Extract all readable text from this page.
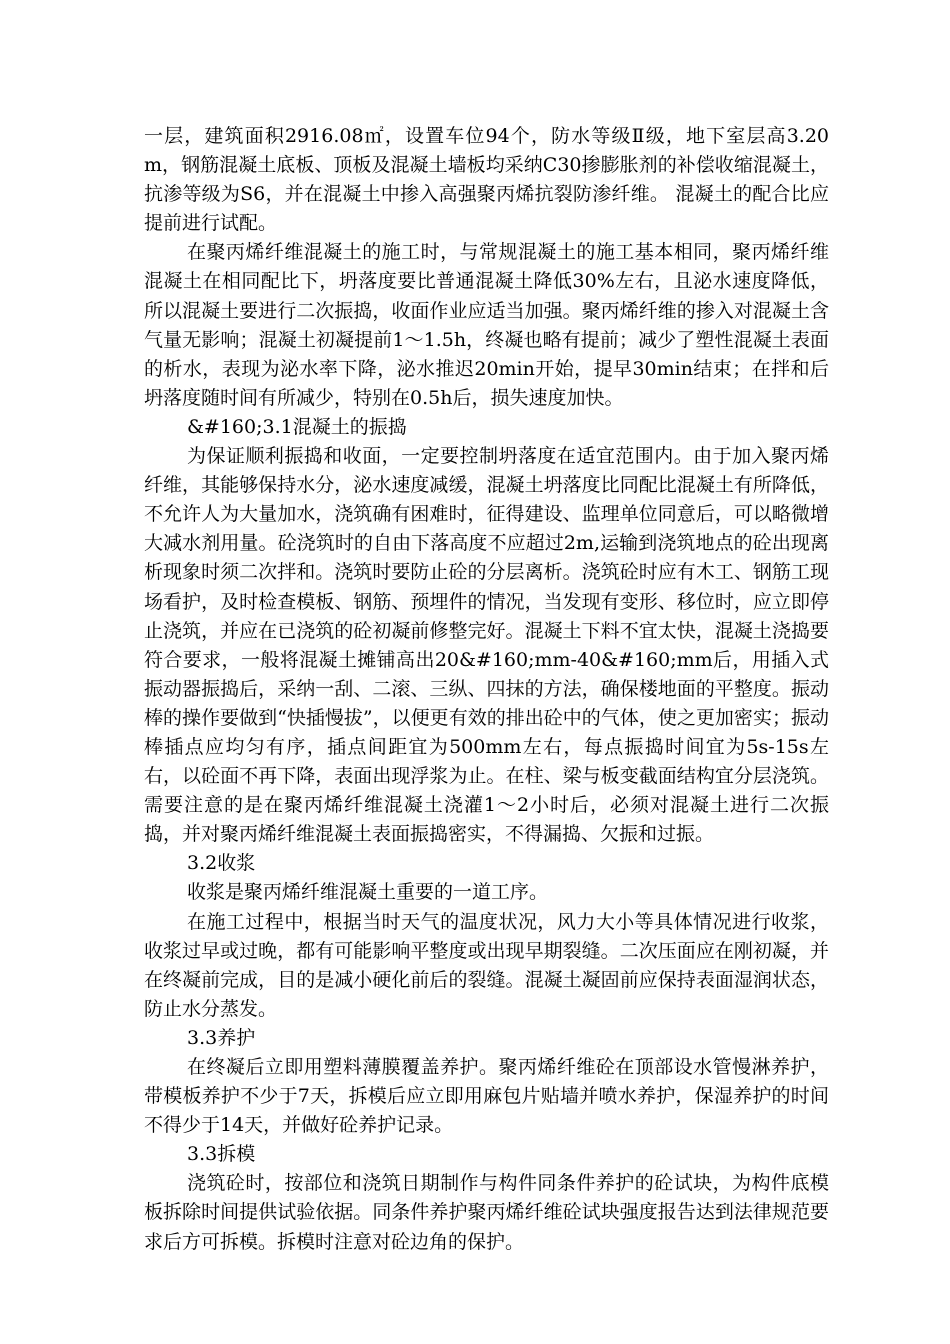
一层，建筑面积2916.08㎡，设置车位94个，防水等级Ⅱ级，地下室层高3.20m，钢筋混凝土底板、顶板及混凝土墙板均采纳C30掺膨胀剂的补偿收缩混凝土，抗渗等级为S6，并在混凝土中掺入高强聚丙烯抗裂防渗纤维。 混凝土的配合比应提前进行试配。

在聚丙烯纤维混凝土的施工时，与常规混凝土的施工基本相同，聚丙烯纤维混凝土在相同配比下，坍落度要比普通混凝土降低30%左右，且泌水速度降低，所以混凝土要进行二次振捣，收面作业应适当加强。聚丙烯纤维的掺入对混凝土含气量无影响；混凝土初凝提前1～1.5h，终凝也略有提前；减少了塑性混凝土表面的析水，表现为泌水率下降，泌水推迟20min开始，提早30min结束；在拌和后坍落度随时间有所减少，特别在0.5h后，损失速度加快。

&#160;3.1混凝土的振捣

为保证顺利振捣和收面，一定要控制坍落度在适宜范围内。由于加入聚丙烯纤维，其能够保持水分，泌水速度减缓，混凝土坍落度比同配比混凝土有所降低，不允许人为大量加水，浇筑确有困难时，征得建设、监理单位同意后，可以略微增大减水剂用量。砼浇筑时的自由下落高度不应超过2m,运输到浇筑地点的砼出现离析现象时须二次拌和。浇筑时要防止砼的分层离析。浇筑砼时应有木工、钢筋工现场看护，及时检查模板、钢筋、预埋件的情况，当发现有变形、移位时，应立即停止浇筑，并应在已浇筑的砼初凝前修整完好。混凝土下料不宜太快，混凝土浇捣要符合要求，一般将混凝土摊铺高出20&#160;mm-40&#160;mm后，用插入式振动器振捣后，采纳一刮、二滚、三纵、四抹的方法，确保楼地面的平整度。振动棒的操作要做到“快插慢拔”，以便更有效的排出砼中的气体，使之更加密实；振动棒插点应均匀有序，插点间距宜为500mm左右，每点振捣时间宜为5s-15s左右，以砼面不再下降，表面出现浮浆为止。在柱、梁与板变截面结构宜分层浇筑。需要注意的是在聚丙烯纤维混凝土浇灌1～2小时后，必须对混凝土进行二次振捣，并对聚丙烯纤维混凝土表面振捣密实，不得漏捣、欠振和过振。

3.2收浆

收浆是聚丙烯纤维混凝土重要的一道工序。

在施工过程中，根据当时天气的温度状况，风力大小等具体情况进行收浆，收浆过早或过晚，都有可能影响平整度或出现早期裂缝。二次压面应在刚初凝，并在终凝前完成，目的是减小硬化前后的裂缝。混凝土凝固前应保持表面湿润状态，防止水分蒸发。

3.3养护

在终凝后立即用塑料薄膜覆盖养护。聚丙烯纤维砼在顶部设水管慢淋养护，带模板养护不少于7天，拆模后应立即用麻包片贴墙并喷水养护，保湿养护的时间不得少于14天，并做好砼养护记录。

3.3拆模

浇筑砼时，按部位和浇筑日期制作与构件同条件养护的砼试块，为构件底模板拆除时间提供试验依据。同条件养护聚丙烯纤维砼试块强度报告达到法律规范要求后方可拆模。拆模时注意对砼边角的保护。
